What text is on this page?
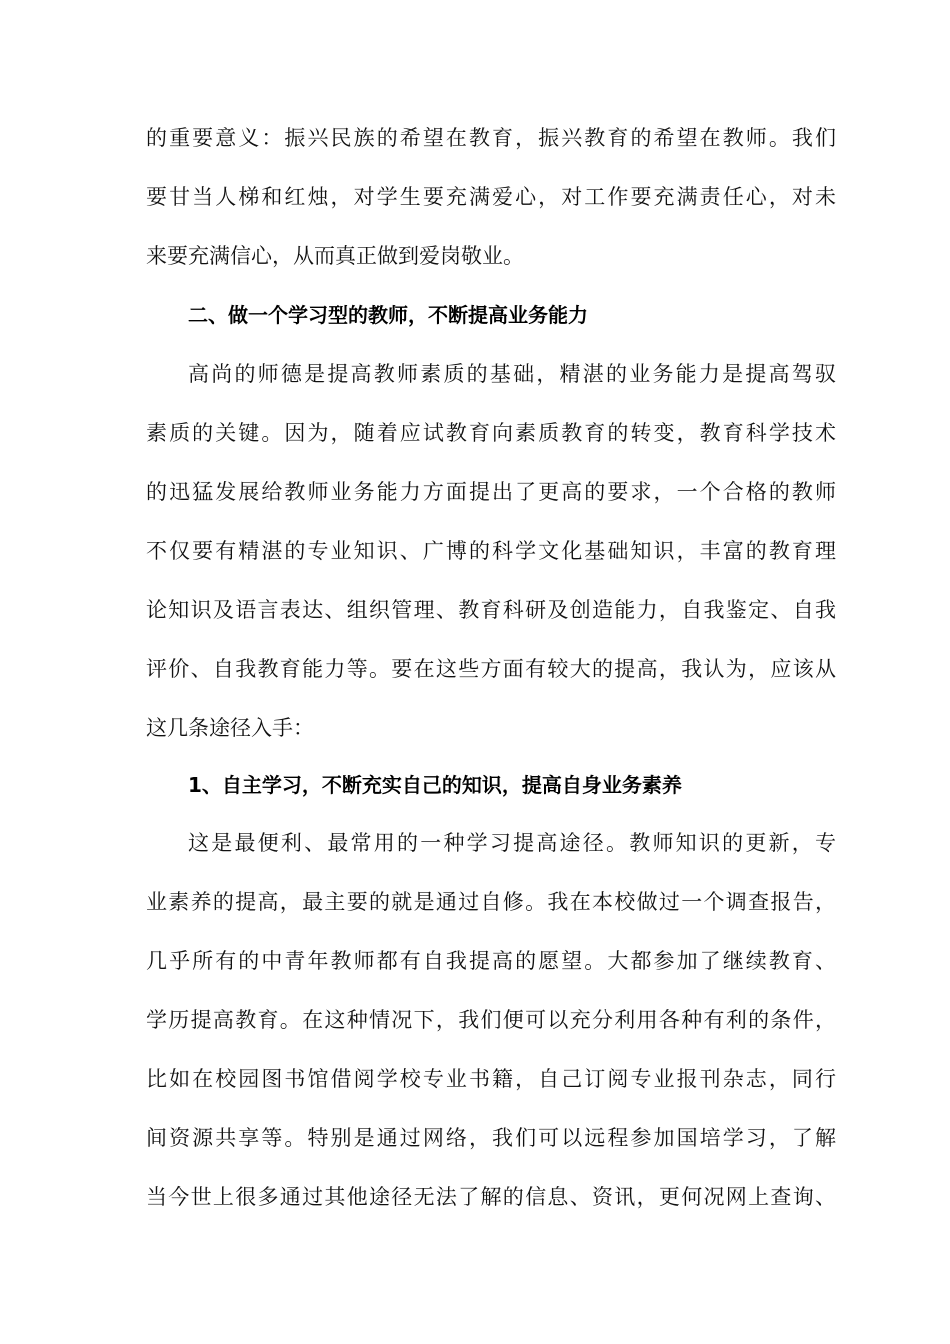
的重要意义：振兴民族的希望在教育，振兴教育的希望在教师。我们
要甘当人梯和红烛，对学生要充满爱心，对工作要充满责任心，对未
来要充满信心，从而真正做到爱岗敬业。
二、做一个学习型的教师，不断提高业务能力
高尚的师德是提高教师素质的基础，精湛的业务能力是提高驾驭
素质的关键。因为，随着应试教育向素质教育的转变，教育科学技术
的迅猛发展给教师业务能力方面提出了更高的要求，一个合格的教师
不仅要有精湛的专业知识、广博的科学文化基础知识，丰富的教育理
论知识及语言表达、组织管理、教育科研及创造能力，自我鉴定、自我
评价、自我教育能力等。要在这些方面有较大的提高，我认为，应该从
这几条途径入手：
1、自主学习，不断充实自己的知识，提高自身业务素养
这是最便利、最常用的一种学习提高途径。教师知识的更新，专
业素养的提高，最主要的就是通过自修。我在本校做过一个调查报告，
几乎所有的中青年教师都有自我提高的愿望。大都参加了继续教育、
学历提高教育。在这种情况下，我们便可以充分利用各种有利的条件，
比如在校园图书馆借阅学校专业书籍，自己订阅专业报刊杂志，同行
间资源共享等。特别是通过网络，我们可以远程参加国培学习，了解
当今世上很多通过其他途径无法了解的信息、资讯，更何况网上查询、
